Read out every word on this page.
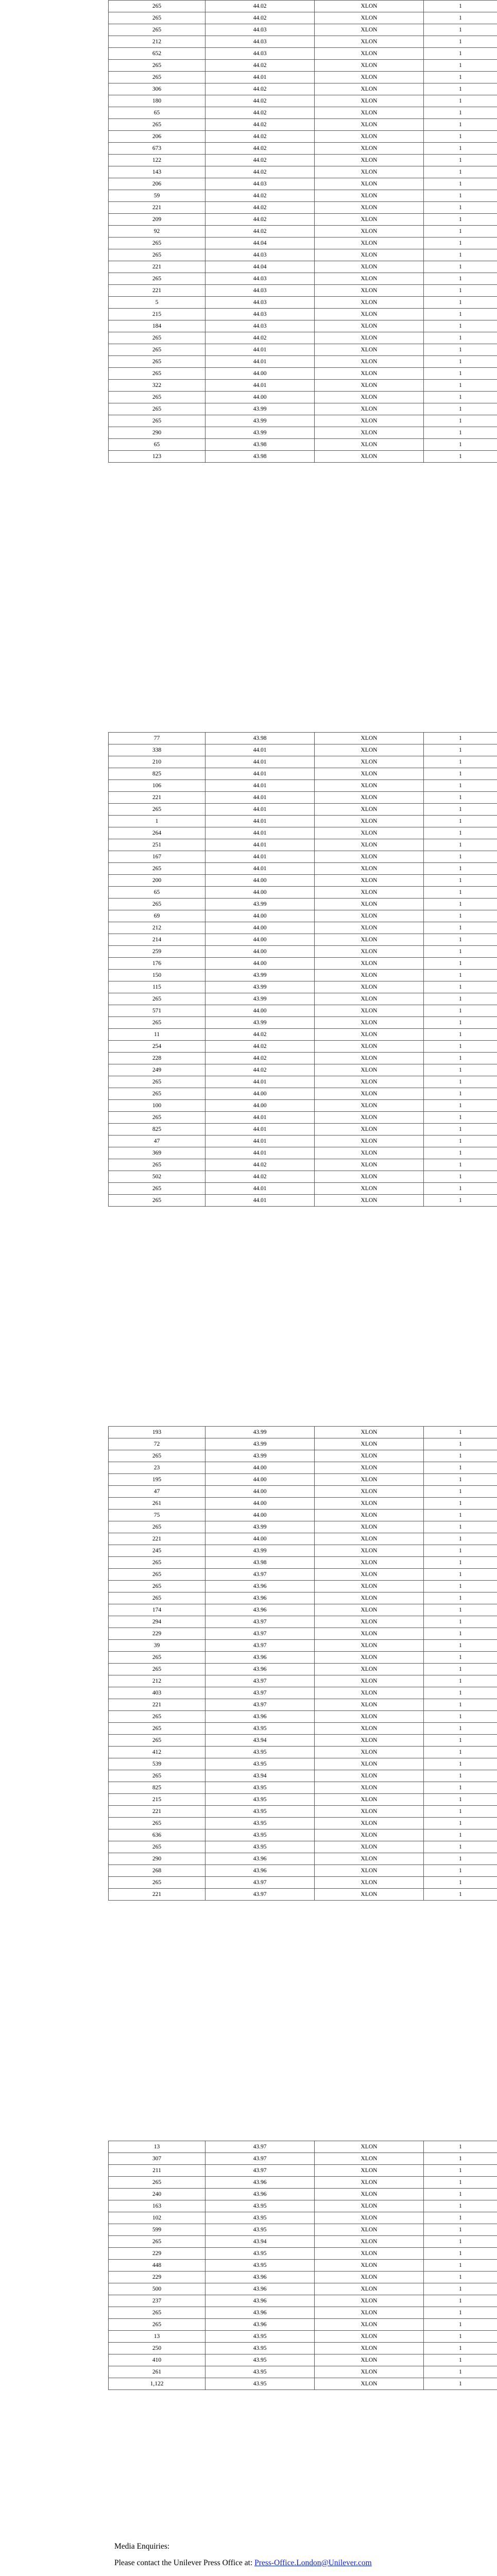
265	44.02	XLON	1
265	44.02	XLON	1
265	44.03	XLON	1
212	44.03	XLON	1
652	44.03	XLON	1
265	44.02	XLON	1
265	44.01	XLON	1
306	44.02	XLON	1
180	44.02	XLON	1
65	44.02	XLON	1
265	44.02	XLON	1
206	44.02	XLON	1
673	44.02	XLON	1
122	44.02	XLON	1
143	44.02	XLON	1
206	44.03	XLON	1
59	44.02	XLON	1
221	44.02	XLON	1
209	44.02	XLON	1
92	44.02	XLON	1
265	44.04	XLON	1
265	44.03	XLON	1
221	44.04	XLON	1
265	44.03	XLON	1
221	44.03	XLON	1
5	44.03	XLON	1
215	44.03	XLON	1
184	44.03	XLON	1
265	44.02	XLON	1
265	44.01	XLON	1
265	44.01	XLON	1
265	44.00	XLON	1
322	44.01	XLON	1
265	44.00	XLON	1
265	43.99	XLON	1
265	43.99	XLON	1
290	43.99	XLON	1
65	43.98	XLON	1
123	43.98	XLON	1
77	43.98	XLON	1
338	44.01	XLON	1
210	44.01	XLON	1
825	44.01	XLON	1
106	44.01	XLON	1
221	44.01	XLON	1
265	44.01	XLON	1
1	44.01	XLON	1
264	44.01	XLON	1
251	44.01	XLON	1
167	44.01	XLON	1
265	44.01	XLON	1
200	44.00	XLON	1
65	44.00	XLON	1
265	43.99	XLON	1
69	44.00	XLON	1
212	44.00	XLON	1
214	44.00	XLON	1
259	44.00	XLON	1
176	44.00	XLON	1
150	43.99	XLON	1
115	43.99	XLON	1
265	43.99	XLON	1
571	44.00	XLON	1
265	43.99	XLON	1
11	44.02	XLON	1
254	44.02	XLON	1
228	44.02	XLON	1
249	44.02	XLON	1
265	44.01	XLON	1
265	44.00	XLON	1
100	44.00	XLON	1
265	44.01	XLON	1
825	44.01	XLON	1
47	44.01	XLON	1
369	44.01	XLON	1
265	44.02	XLON	1
502	44.02	XLON	1
265	44.01	XLON	1
265	44.01	XLON	1
193	43.99	XLON	1
72	43.99	XLON	1
265	43.99	XLON	1
23	44.00	XLON	1
195	44.00	XLON	1
47	44.00	XLON	1
261	44.00	XLON	1
75	44.00	XLON	1
265	43.99	XLON	1
221	44.00	XLON	1
245	43.99	XLON	1
265	43.98	XLON	1
265	43.97	XLON	1
265	43.96	XLON	1
265	43.96	XLON	1
174	43.96	XLON	1
294	43.97	XLON	1
229	43.97	XLON	1
39	43.97	XLON	1
265	43.96	XLON	1
265	43.96	XLON	1
212	43.97	XLON	1
403	43.97	XLON	1
221	43.97	XLON	1
265	43.96	XLON	1
265	43.95	XLON	1
265	43.94	XLON	1
412	43.95	XLON	1
539	43.95	XLON	1
265	43.94	XLON	1
825	43.95	XLON	1
215	43.95	XLON	1
221	43.95	XLON	1
265	43.95	XLON	1
636	43.95	XLON	1
265	43.95	XLON	1
290	43.96	XLON	1
268	43.96	XLON	1
265	43.97	XLON	1
221	43.97	XLON	1
13	43.97	XLON	1
307	43.97	XLON	1
211	43.97	XLON	1
265	43.96	XLON	1
240	43.96	XLON	1
163	43.95	XLON	1
102	43.95	XLON	1
599	43.95	XLON	1
265	43.94	XLON	1
229	43.95	XLON	1
448	43.95	XLON	1
229	43.96	XLON	1
500	43.96	XLON	1
237	43.96	XLON	1
265	43.96	XLON	1
265	43.96	XLON	1
13	43.95	XLON	1
250	43.95	XLON	1
410	43.95	XLON	1
261	43.95	XLON	1
1,122	43.95	XLON	1
Media Enquiries:
Please contact the Unilever Press Office at: Press-Office.London@Unilever.com
